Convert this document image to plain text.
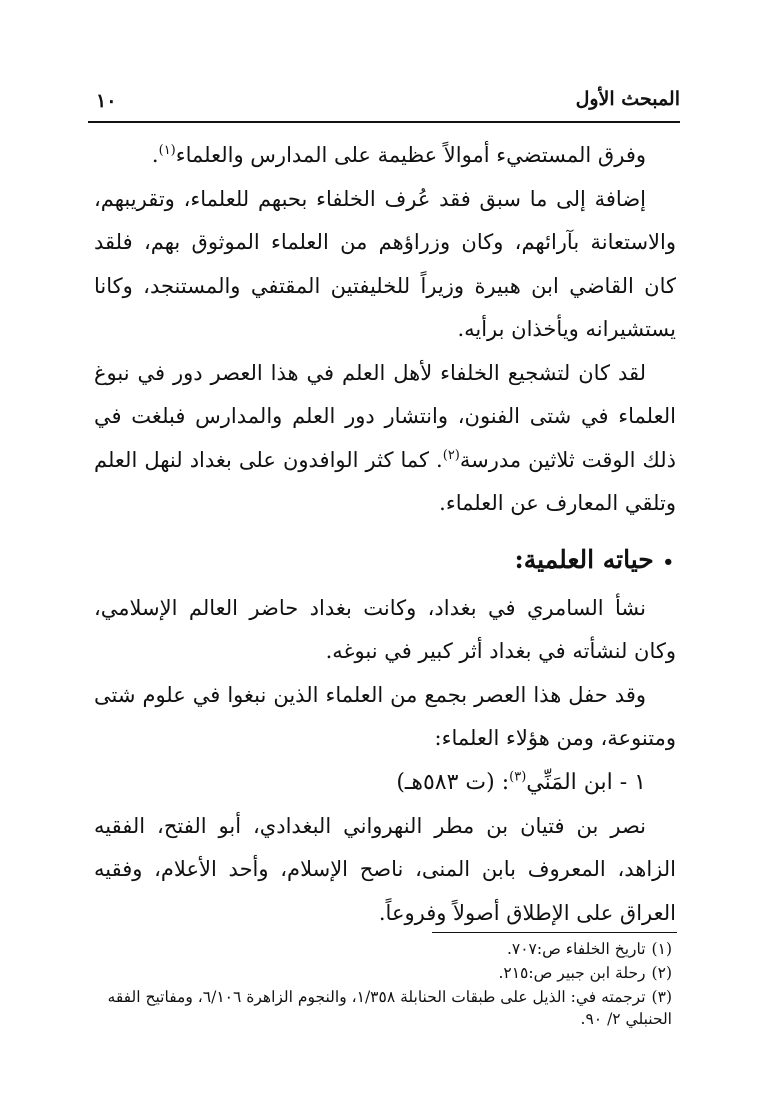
المبحث الأول
١٠

وفرق المستضيء أموالاً عظيمة على المدارس والعلماء$^{(١)}$.

إضافة إلى ما سبق فقد عُرف الخلفاء بحبهم للعلماء، وتقريبهم، والاستعانة بآرائهم، وكان وزراؤهم من العلماء الموثوق بهم، فلقد كان القاضي ابن هبيرة وزيراً للخليفتين المقتفي والمستنجد، وكانا يستشيرانه ويأخذان برأيه.

لقد كان لتشجيع الخلفاء لأهل العلم في هذا العصر دور في نبوغ العلماء في شتى الفنون، وانتشار دور العلم والمدارس فبلغت في ذلك الوقت ثلاثين مدرسة$^{(٢)}$. كما كثر الوافدون على بغداد لنهل العلم وتلقي المعارف عن العلماء.

• حياته العلمية:

نشأ السامري في بغداد، وكانت بغداد حاضر العالم الإسلامي، وكان لنشأته في بغداد أثر كبير في نبوغه.

وقد حفل هذا العصر بجمع من العلماء الذين نبغوا في علوم شتى ومتنوعة، ومن هؤلاء العلماء:

١ - ابن المَنِّي$^{(٣)}$: (ت ٥٨٣هـ)

نصر بن فتيان بن مطر النهرواني البغدادي، أبو الفتح، الفقيه الزاهد، المعروف بابن المنى، ناصح الإسلام، وأحد الأعلام، وفقيه العراق على الإطلاق أصولاً وفروعاً.

(١)تاريخ الخلفاء ص:٧٠٧.

(٢)رحلة ابن جبير ص:٢١٥.

(٣)ترجمته في: الذيل على طبقات الحنابلة ١/٣٥٨، والنجوم الزاهرة ٦/١٠٦، ومفاتيح الفقه الحنبلي ٢/ ٩٠.
